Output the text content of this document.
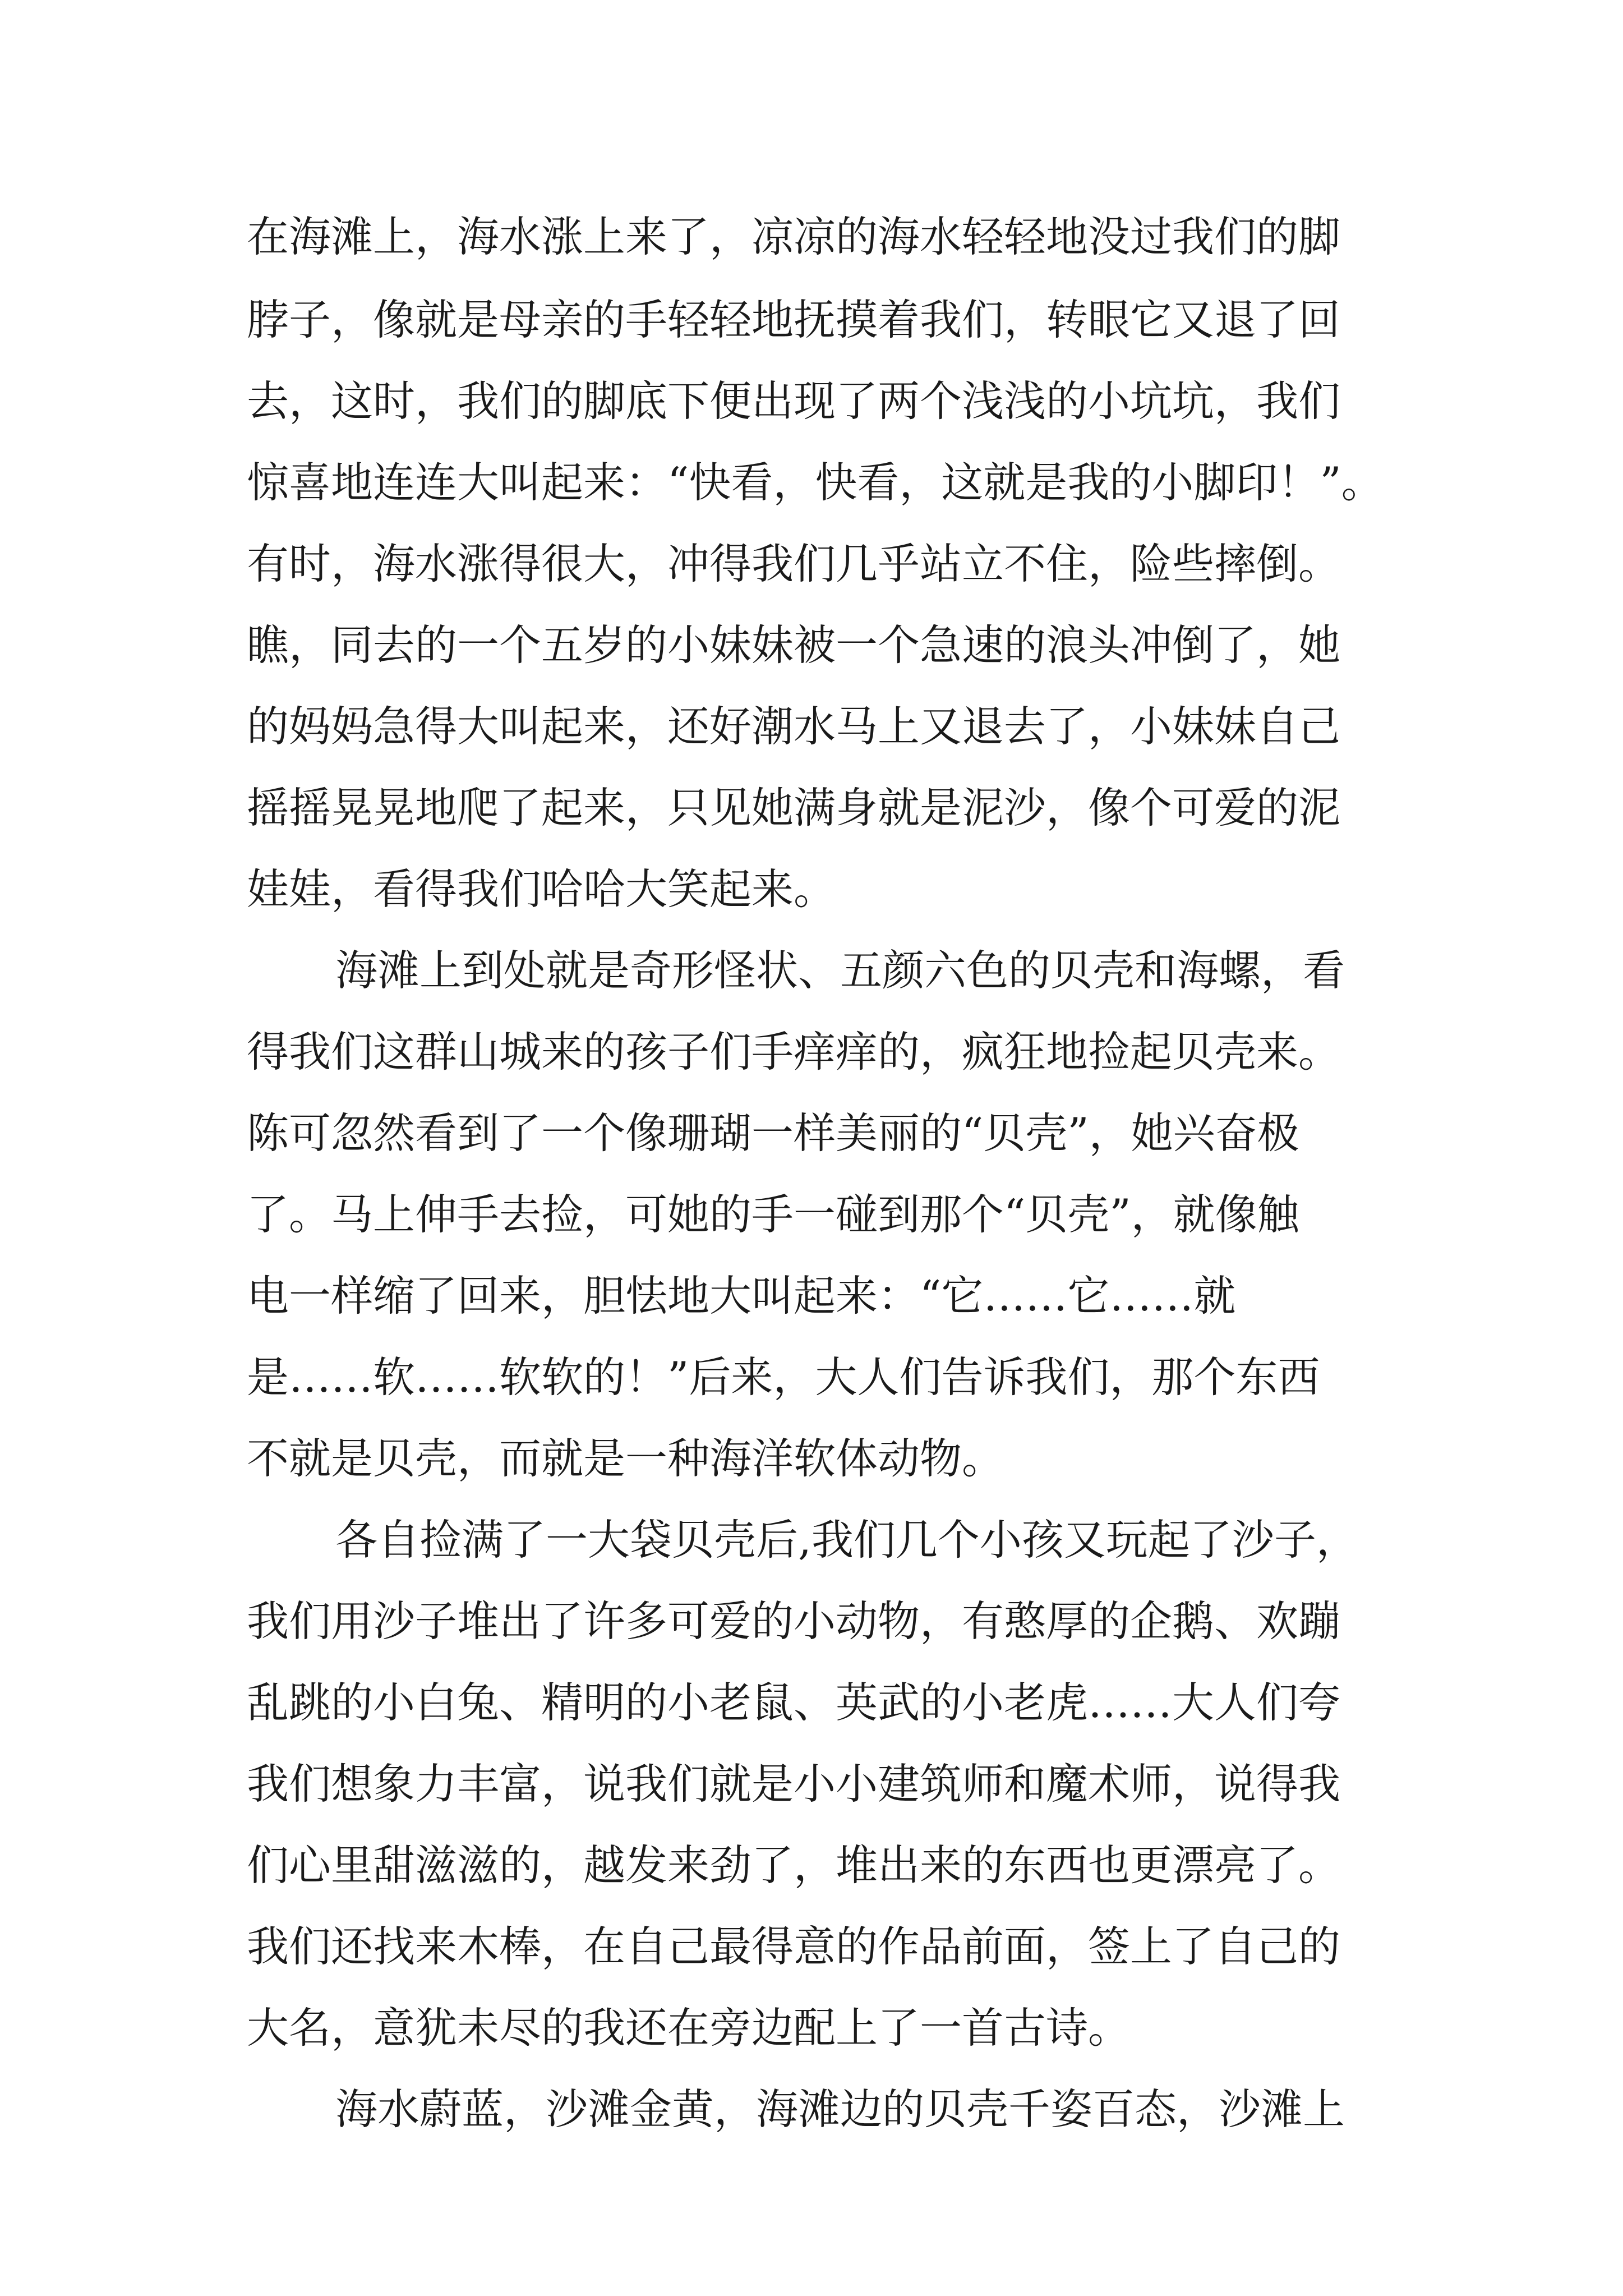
在海滩上，海水涨上来了，凉凉的海水轻轻地没过我们的脚

脖子，像就是母亲的手轻轻地抚摸着我们，转眼它又退了回

去，这时，我们的脚底下便出现了两个浅浅的小坑坑，我们

惊喜地连连大叫起来：“快看，快看，这就是我的小脚印！”。

有时，海水涨得很大，冲得我们几乎站立不住，险些摔倒。

瞧，同去的一个五岁的小妹妹被一个急速的浪头冲倒了，她

的妈妈急得大叫起来，还好潮水马上又退去了，小妹妹自己

摇摇晃晃地爬了起来，只见她满身就是泥沙，像个可爱的泥

娃娃，看得我们哈哈大笑起来。

海滩上到处就是奇形怪状、五颜六色的贝壳和海螺，看

得我们这群山城来的孩子们手痒痒的，疯狂地捡起贝壳来。

陈可忽然看到了一个像珊瑚一样美丽的“贝壳”，她兴奋极

了。马上伸手去捡，可她的手一碰到那个“贝壳”，就像触

电一样缩了回来，胆怯地大叫起来：“它……它……就

是……软……软软的！”后来，大人们告诉我们，那个东西

不就是贝壳，而就是一种海洋软体动物。

各自捡满了一大袋贝壳后,我们几个小孩又玩起了沙子，

我们用沙子堆出了许多可爱的小动物，有憨厚的企鹅、欢蹦

乱跳的小白兔、精明的小老鼠、英武的小老虎……大人们夸

我们想象力丰富，说我们就是小小建筑师和魔术师，说得我

们心里甜滋滋的，越发来劲了，堆出来的东西也更漂亮了。

我们还找来木棒，在自己最得意的作品前面，签上了自己的

大名，意犹未尽的我还在旁边配上了一首古诗。

海水蔚蓝，沙滩金黄，海滩边的贝壳千姿百态，沙滩上
